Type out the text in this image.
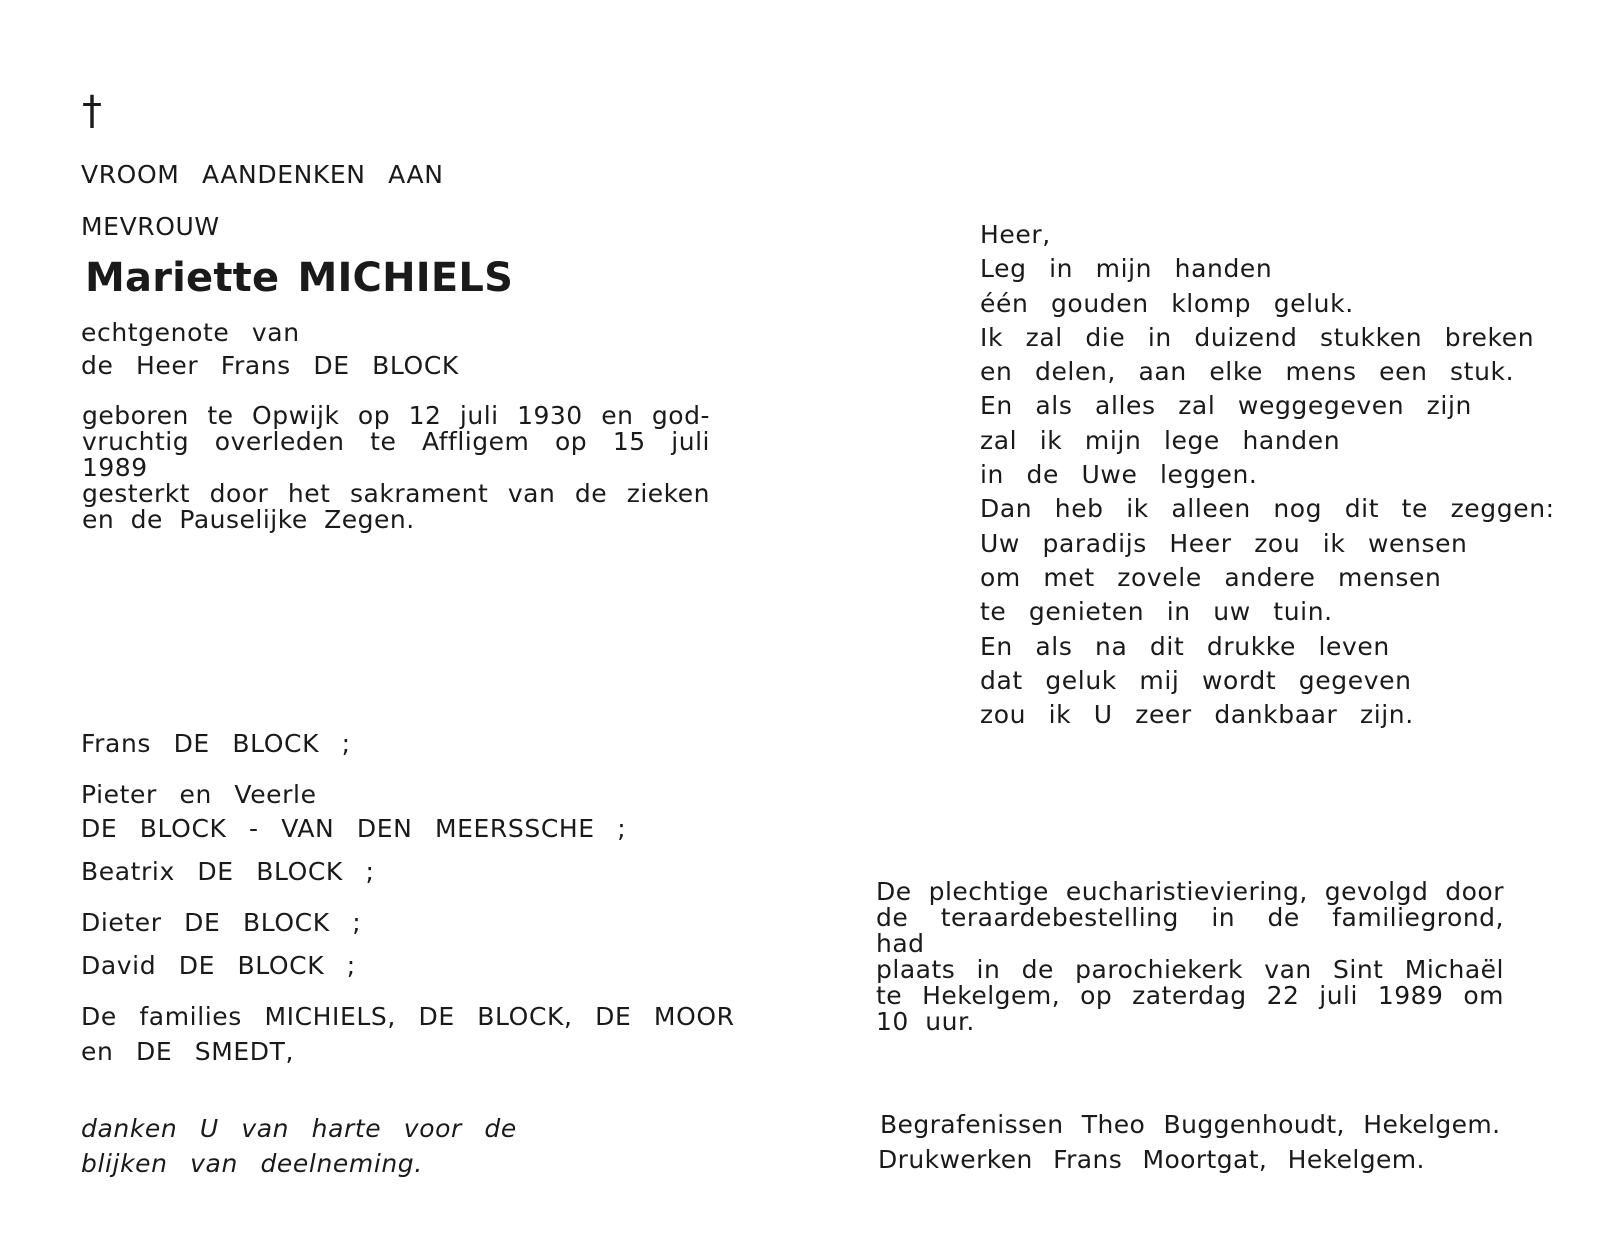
†
VROOM AANDENKEN AAN
MEVROUW
Mariette MICHIELS
echtgenote van
de Heer Frans DE BLOCK
geboren te Opwijk op 12 juli 1930 en god-
vruchtig overleden te Affligem op 15 juli 1989
gesterkt door het sakrament van de zieken
en de Pauselijke Zegen.
Frans DE BLOCK ;
Pieter en Veerle
DE BLOCK - VAN DEN MEERSSCHE ;
Beatrix DE BLOCK ;
Dieter DE BLOCK ;
David DE BLOCK ;
De families MICHIELS, DE BLOCK, DE MOOR
en DE SMEDT,
danken U van harte voor de
blijken van deelneming.
Heer,
Leg in mijn handen
één gouden klomp geluk.
Ik zal die in duizend stukken breken
en delen, aan elke mens een stuk.
En als alles zal weggegeven zijn
zal ik mijn lege handen
in de Uwe leggen.
Dan heb ik alleen nog dit te zeggen:
Uw paradijs Heer zou ik wensen
om met zovele andere mensen
te genieten in uw tuin.
En als na dit drukke leven
dat geluk mij wordt gegeven
zou ik U zeer dankbaar zijn.
De plechtige eucharistieviering, gevolgd door
de teraardebestelling in de familiegrond, had
plaats in de parochiekerk van Sint Michaël
te Hekelgem, op zaterdag 22 juli 1989 om
10 uur.
Begrafenissen Theo Buggenhoudt, Hekelgem.
Drukwerken Frans Moortgat, Hekelgem.
